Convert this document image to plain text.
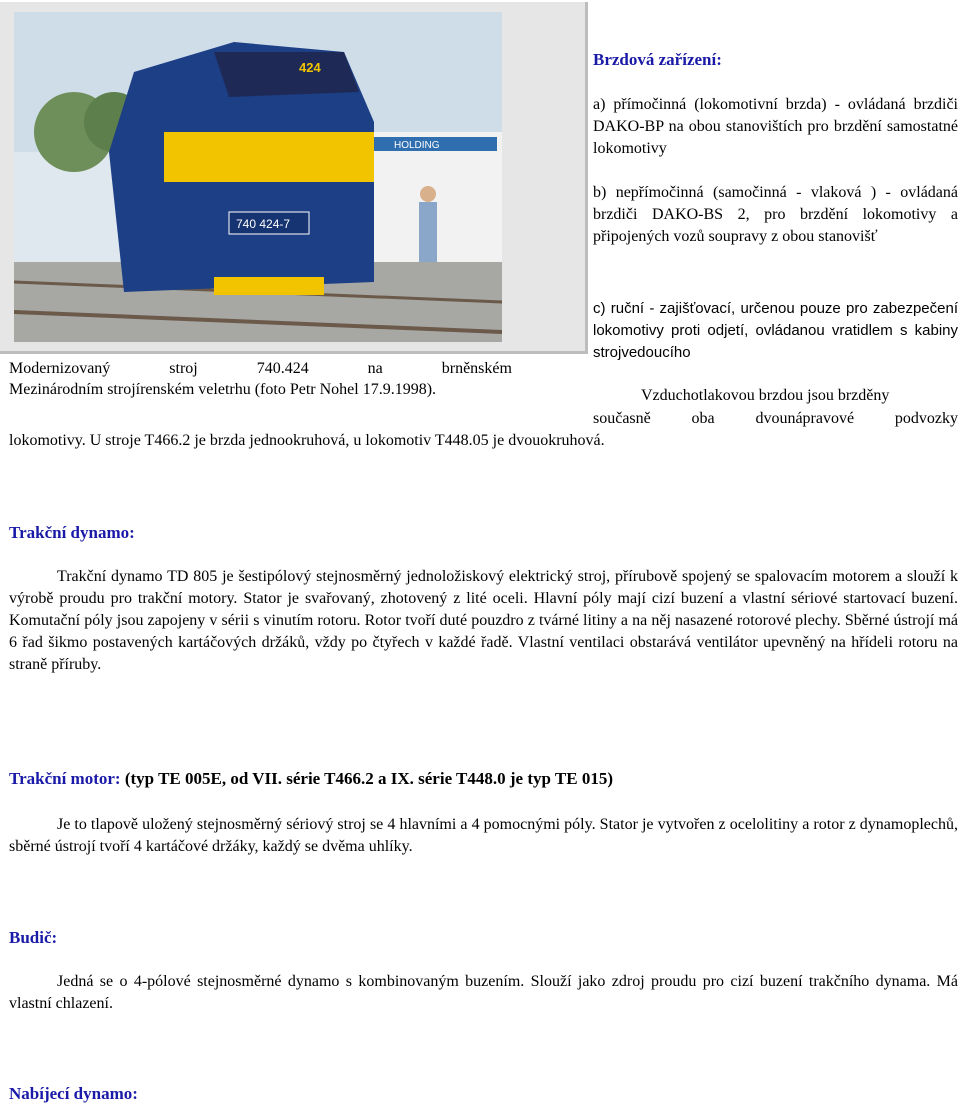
HOLDING
740 424-7
424
Modernizovaný	stroj	740.424	na	brněnském
Mezinárodním strojírenském veletrhu (foto Petr Nohel 17.9.1998).
Brzdová zařízení:
a) přímočinná (lokomotivní brzda) - ovládaná brzdiči DAKO-BP na obou stanovištích pro brzdění samostatné lokomotivy
b) nepřímočinná (samočinná - vlaková ) - ovládaná brzdiči DAKO-BS 2, pro brzdění lokomotivy a připojených vozů soupravy z obou stanovišť
c) ruční - zajišťovací, určenou pouze pro zabezpečení lokomotivy proti odjetí, ovládanou vratidlem s kabiny strojvedoucího
Vzduchotlakovou brzdou jsou brzděny
současně	oba	dvounápravové	podvozky
lokomotivy. U stroje T466.2 je brzda jednookruhová, u lokomotiv T448.05 je dvouokruhová.
Trakční dynamo:
Trakční dynamo TD 805 je šestipólový stejnosměrný jednoložiskový elektrický stroj, přírubově spojený se spalovacím motorem a slouží k výrobě proudu pro trakční motory. Stator je svařovaný, zhotovený z lité oceli. Hlavní póly mají cizí buzení a vlastní sériové startovací buzení. Komutační póly jsou zapojeny v sérii s vinutím rotoru. Rotor tvoří duté pouzdro z tvárné litiny a na něj nasazené rotorové plechy. Sběrné ústrojí má 6 řad šikmo postavených kartáčových držáků, vždy po čtyřech v každé řadě. Vlastní ventilaci obstarává ventilátor upevněný na hřídeli rotoru na straně příruby.
Trakční motor: (typ TE 005E, od VII. série T466.2 a IX. série T448.0 je typ TE 015)
Je to tlapově uložený stejnosměrný sériový stroj se 4 hlavními a 4 pomocnými póly. Stator je vytvořen z ocelolitiny a rotor z dynamoplechů, sběrné ústrojí tvoří 4 kartáčové držáky, každý se dvěma uhlíky.
Budič:
Jedná se o 4-pólové stejnosměrné dynamo s kombinovaným buzením. Slouží jako zdroj proudu pro cizí buzení trakčního dynama. Má vlastní chlazení.
Nabíjecí dynamo:
